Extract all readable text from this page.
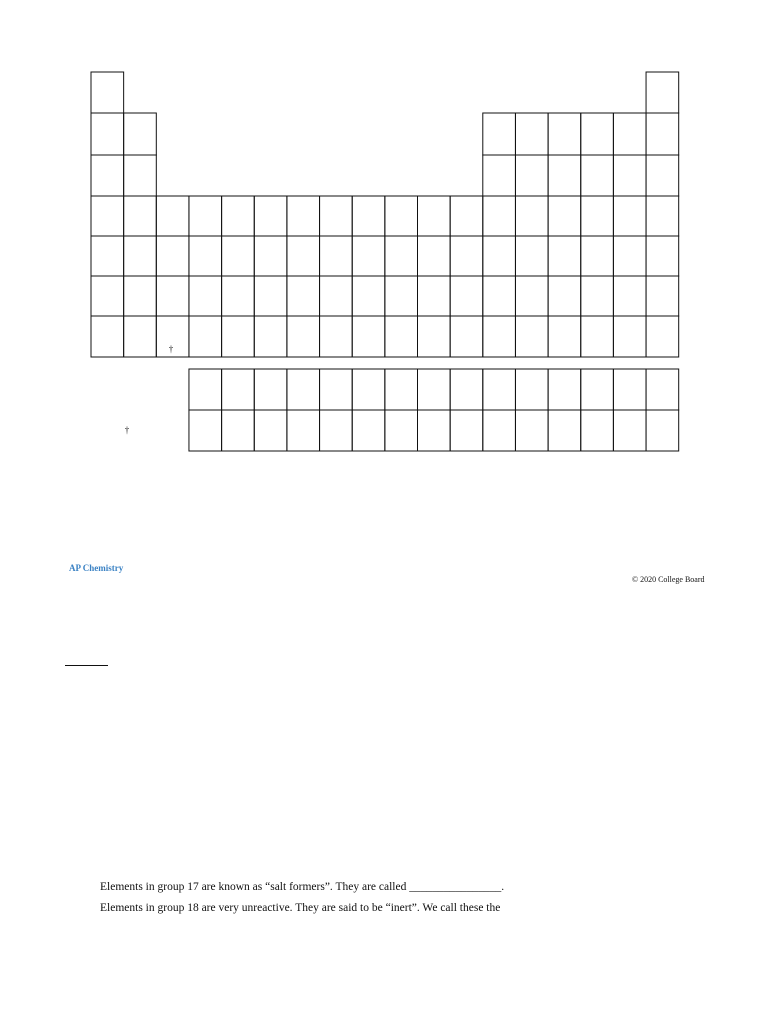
†
†
AP Chemistry
© 2020 College Board
Elements in group 17 are known as “salt formers”. They are called ________________.
Elements in group 18 are very unreactive. They are said to be “inert”. We call these the
